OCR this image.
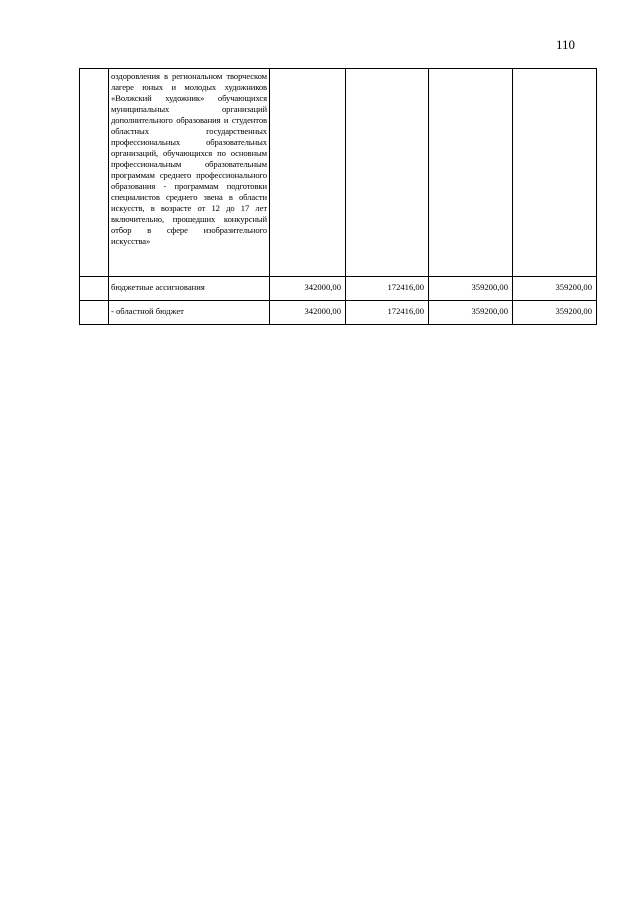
110

	оздоровления в региональном творческом лагере юных и молодых художников «Волжский художник» обучающихся муниципальных организаций дополнительного образования и студентов областных государственных профессиональных образовательных организаций, обучающихся по основным профессиональным образовательным программам среднего профессионального образования - программам подготовки специалистов среднего звена в области искусств, в возрасте от 12 до 17 лет включительно, прошедших конкурсный отбор в сфере изобразительного искусства»				

	бюджетные ассигнования	342000,00	172416,00	359200,00	359200,00

	- областной бюджет	342000,00	172416,00	359200,00	359200,00
